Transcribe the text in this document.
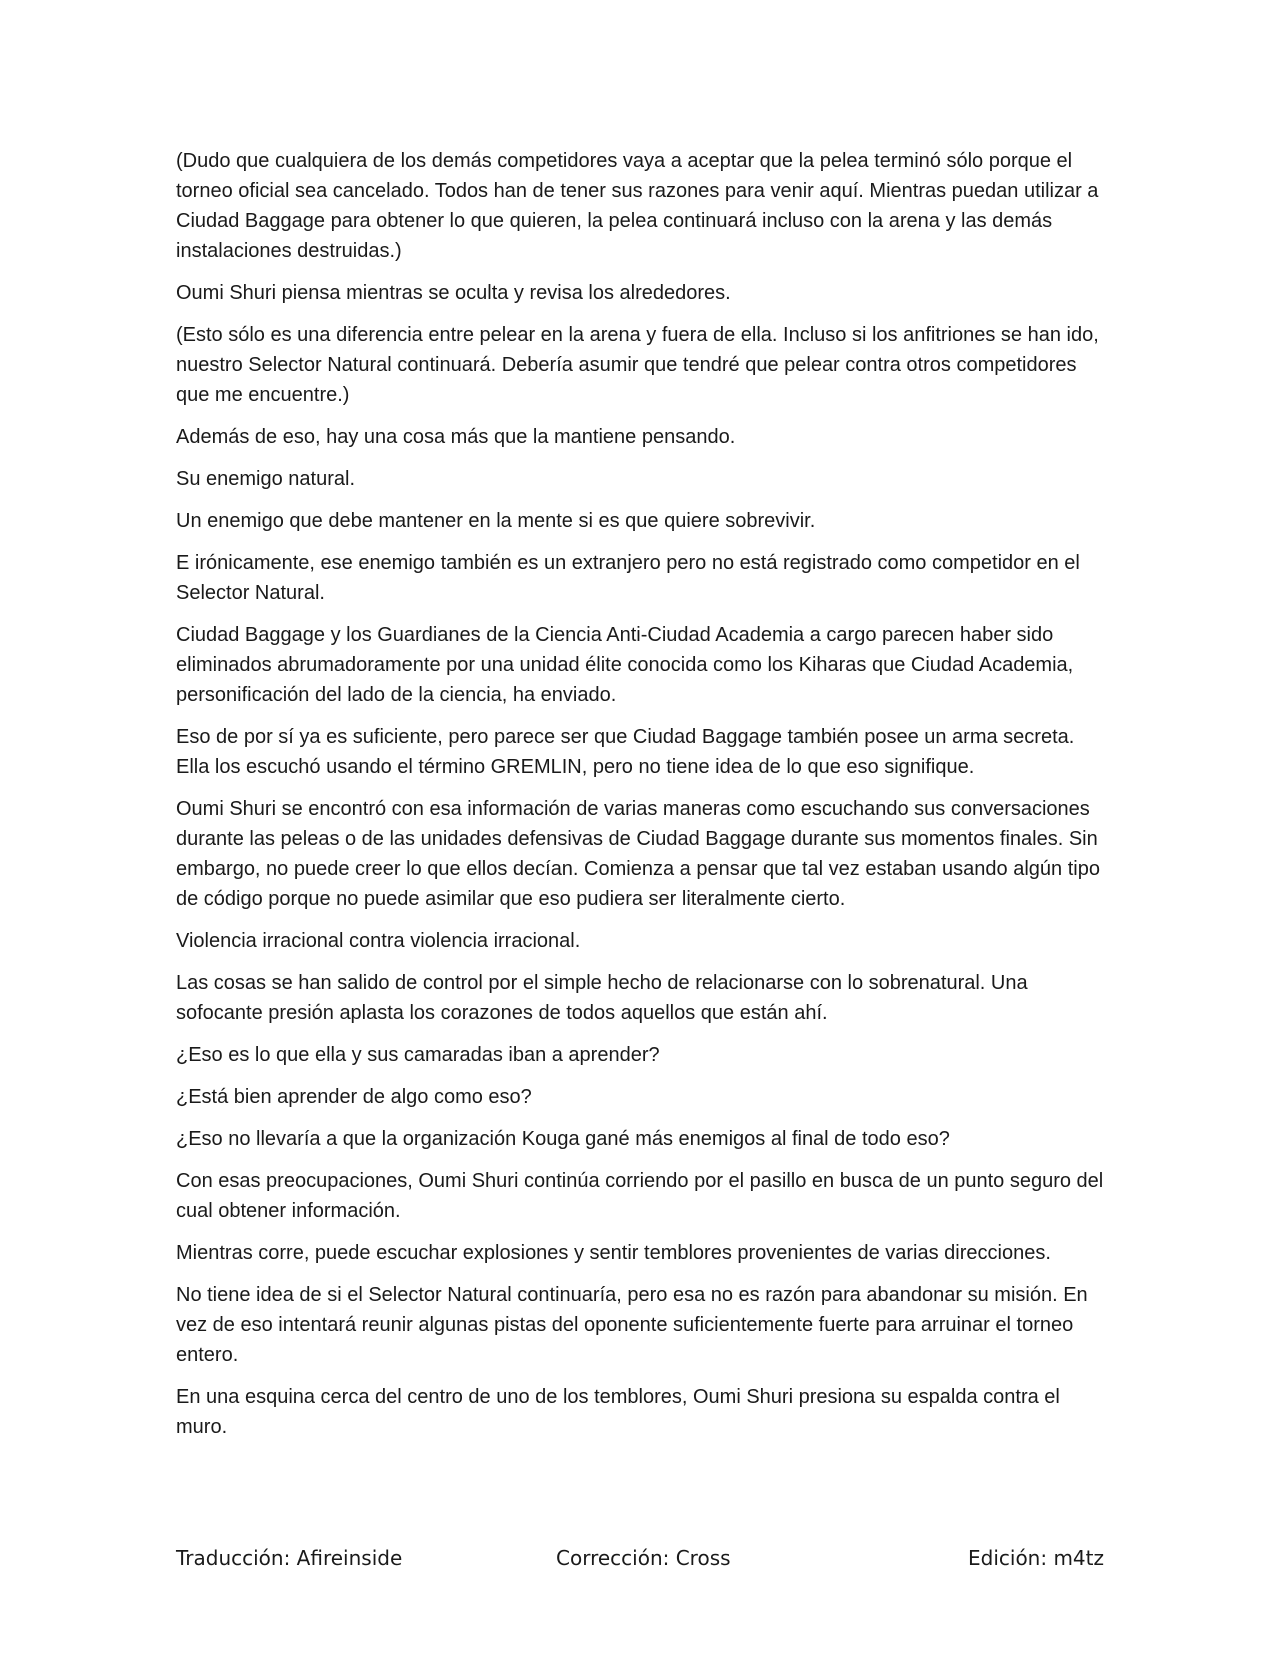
(Dudo que cualquiera de los demás competidores vaya a aceptar que la pelea terminó sólo porque el torneo oficial sea cancelado. Todos han de tener sus razones para venir aquí. Mientras puedan utilizar a Ciudad Baggage para obtener lo que quieren, la pelea continuará incluso con la arena y las demás instalaciones destruidas.)

Oumi Shuri piensa mientras se oculta y revisa los alrededores.

(Esto sólo es una diferencia entre pelear en la arena y fuera de ella. Incluso si los anfitriones se han ido, nuestro Selector Natural continuará. Debería asumir que tendré que pelear contra otros competidores que me encuentre.)

Además de eso, hay una cosa más que la mantiene pensando.

Su enemigo natural.

Un enemigo que debe mantener en la mente si es que quiere sobrevivir.

E irónicamente, ese enemigo también es un extranjero pero no está registrado como competidor en el Selector Natural.

Ciudad Baggage y los Guardianes de la Ciencia Anti-Ciudad Academia a cargo parecen haber sido eliminados abrumadoramente por una unidad élite conocida como los Kiharas que Ciudad Academia, personificación del lado de la ciencia, ha enviado.

Eso de por sí ya es suficiente, pero parece ser que Ciudad Baggage también posee un arma secreta. Ella los escuchó usando el término GREMLIN, pero no tiene idea de lo que eso signifique.

Oumi Shuri se encontró con esa información de varias maneras como escuchando sus conversaciones durante las peleas o de las unidades defensivas de Ciudad Baggage durante sus momentos finales. Sin embargo, no puede creer lo que ellos decían. Comienza a pensar que tal vez estaban usando algún tipo de código porque no puede asimilar que eso pudiera ser literalmente cierto.

Violencia irracional contra violencia irracional.

Las cosas se han salido de control por el simple hecho de relacionarse con lo sobrenatural. Una sofocante presión aplasta los corazones de todos aquellos que están ahí.

¿Eso es lo que ella y sus camaradas iban a aprender?

¿Está bien aprender de algo como eso?

¿Eso no llevaría a que la organización Kouga gané más enemigos al final de todo eso?

Con esas preocupaciones, Oumi Shuri continúa corriendo por el pasillo en busca de un punto seguro del cual obtener información.

Mientras corre, puede escuchar explosiones y sentir temblores provenientes de varias direcciones.

No tiene idea de si el Selector Natural continuaría, pero esa no es razón para abandonar su misión. En vez de eso intentará reunir algunas pistas del oponente suficientemente fuerte para arruinar el torneo entero.

En una esquina cerca del centro de uno de los temblores, Oumi Shuri presiona su espalda contra el muro.

Traducción: Afireinside	Corrección: Cross	Edición: m4tz
